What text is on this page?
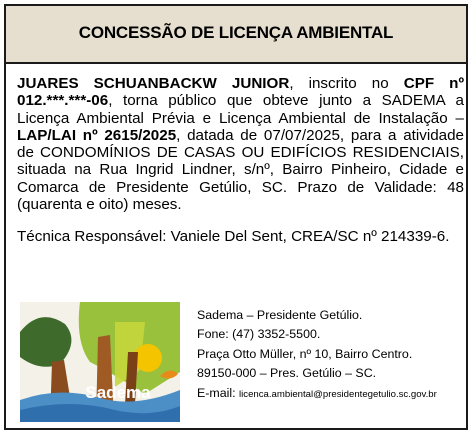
CONCESSÃO DE LICENÇA AMBIENTAL

JUARES SCHUANBACKW JUNIOR, inscrito no CPF nº 012.***.***-06, torna público que obteve junto a SADEMA a Licença Ambiental Prévia e Licença Ambiental de Instalação – LAP/LAI nº 2615/2025, datada de 07/07/2025, para a atividade de CONDOMÍNIOS DE CASAS OU EDIFÍCIOS RESIDENCIAIS, situada na Rua Ingrid Lindner, s/nº, Bairro Pinheiro, Cidade e Comarca de Presidente Getúlio, SC. Prazo de Validade: 48 (quarenta e oito) meses.

Técnica Responsável: Vaniele Del Sent, CREA/SC nº 214339-6.

Sadema
Sadema – Presidente Getúlio.
Fone: (47) 3352-5500.
Praça Otto Müller, nº 10, Bairro Centro.
89150-000 – Pres. Getúlio – SC.
E-mail: licenca.ambiental@presidentegetulio.sc.gov.br
